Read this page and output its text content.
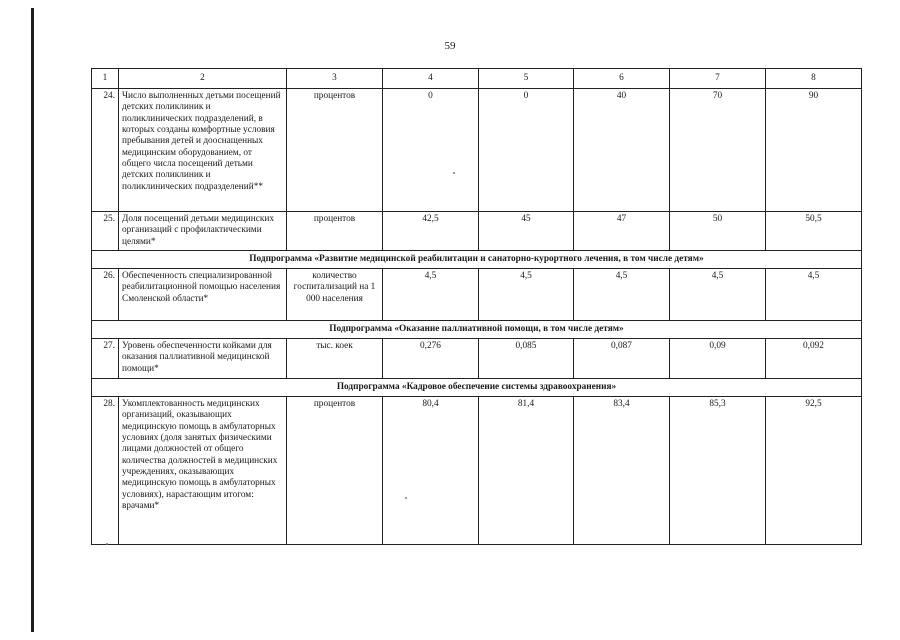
59
1	2	3	4	5	6	7	8
24.	Число выполненных детьми посещений детских поликлиник и поликлинических подразделений, в которых созданы комфортные условия пребывания детей и дооснащенных медицинским оборудованием, от общего числа посещений детьми детских поликлиник и поликлинических подразделений**	процентов	0	0	40	70	90
25.	Доля посещений детьми медицинских организаций с профилактическими целями*	процентов	42,5	45	47	50	50,5
Подпрограмма «Развитие медицинской реабилитации и санаторно-курортного лечения, в том числе детям»							
26.	Обеспеченность специализированной реабилитационной помощью населения Смоленской области*	количество госпитализаций на 1 000 населения	4,5	4,5	4,5	4,5	4,5
Подпрограмма «Оказание паллиативной помощи, в том числе детям»							
27.	Уровень обеспеченности койками для оказания паллиативной медицинской помощи*	тыс. коек	0,276	0,085	0,087	0,09	0,092
Подпрограмма «Кадровое обеспечение системы здравоохранения»							
28.	Укомплектованность медицинских организаций, оказывающих медицинскую помощь в амбулаторных условиях (доля занятых физическими лицами должностей от общего количества должностей в медицинских учреждениях, оказывающих медицинскую помощь в амбулаторных условиях), нарастающим итогом: врачами*	процентов	80,4	81,4	83,4	85,3	92,5
